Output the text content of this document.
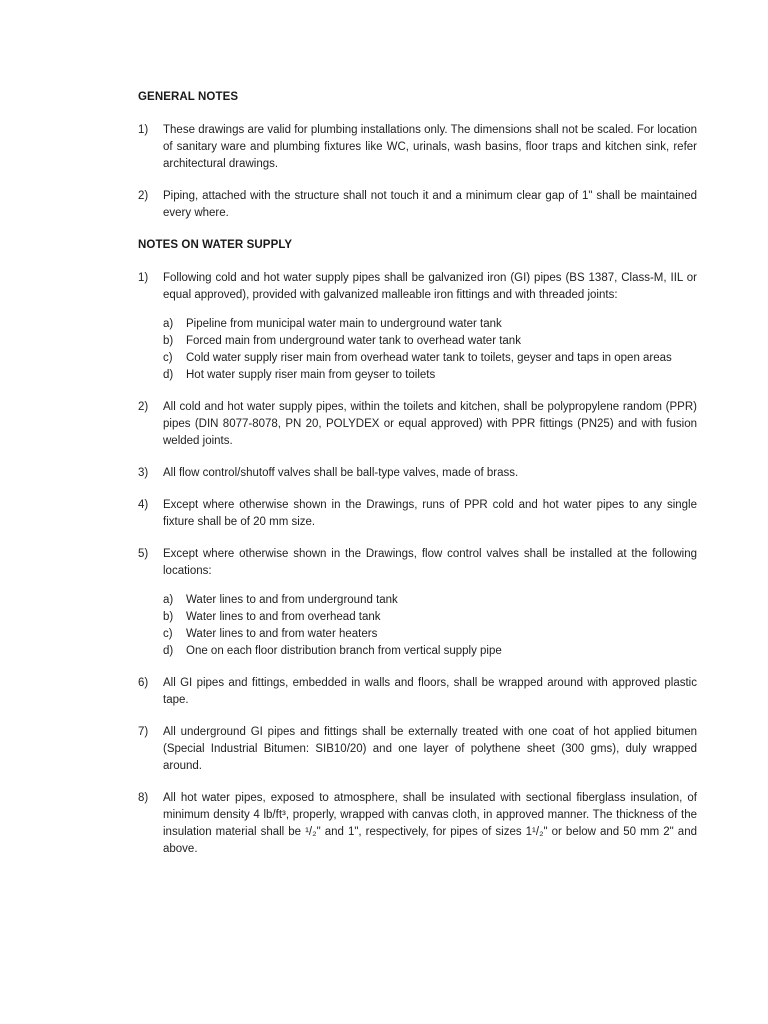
GENERAL NOTES
1)	These drawings are valid for plumbing installations only. The dimensions shall not be scaled. For location of sanitary ware and plumbing fixtures like WC, urinals, wash basins, floor traps and kitchen sink, refer architectural drawings.
2)	Piping, attached with the structure shall not touch it and a minimum clear gap of 1" shall be maintained every where.
NOTES ON WATER SUPPLY
1)	Following cold and hot water supply pipes shall be galvanized iron (GI) pipes (BS 1387, Class-M, IIL or equal approved), provided with galvanized malleable iron fittings and with threaded joints:
a)	Pipeline from municipal water main to underground water tank
b)	Forced main from underground water tank to overhead water tank
c)	Cold water supply riser main from overhead water tank to toilets, geyser and taps in open areas
d)	Hot water supply riser main from geyser to toilets
2)	All cold and hot water supply pipes, within the toilets and kitchen, shall be polypropylene random (PPR) pipes (DIN 8077-8078, PN 20, POLYDEX or equal approved) with PPR fittings (PN25) and with fusion welded joints.
3)	All flow control/shutoff valves shall be ball-type valves, made of brass.
4)	Except where otherwise shown in the Drawings, runs of PPR cold and hot water pipes to any single fixture shall be of 20 mm size.
5)	Except where otherwise shown in the Drawings, flow control valves shall be installed at the following locations:
a)	Water lines to and from underground tank
b)	Water lines to and from overhead tank
c)	Water lines to and from water heaters
d)	One on each floor distribution branch from vertical supply pipe
6)	All GI pipes and fittings, embedded in walls and floors, shall be wrapped around with approved plastic tape.
7)	All underground GI pipes and fittings shall be externally treated with one coat of hot applied bitumen (Special Industrial Bitumen: SIB10/20) and one layer of polythene sheet (300 gms), duly wrapped around.
8)	All hot water pipes, exposed to atmosphere, shall be insulated with sectional fiberglass insulation, of minimum density 4 lb/ft³, properly, wrapped with canvas cloth, in approved manner. The thickness of the insulation material shall be ¹/₂" and 1", respectively, for pipes of sizes 1¹/₂" or below and 50 mm 2" and above.
